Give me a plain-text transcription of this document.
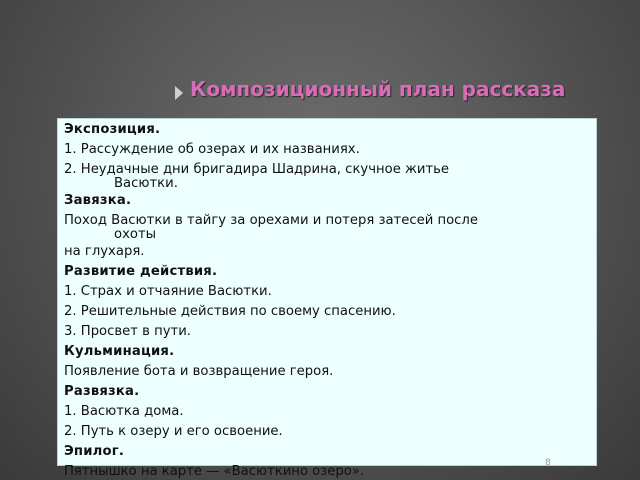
Композиционный план рассказа
Экспозиция.
1. Рассуждение об озерах и их названиях.
2. Неудачные дни бригадира Шадрина, скучное житье
Васютки.
Завязка.
Поход Васютки в тайгу за орехами и потеря затесей после
охоты
на глухаря.
Развитие действия.
1. Страх и отчаяние Васютки.
2. Решительные действия по своему спасению.
3. Просвет в пути.
Кульминация.
Появление бота и возвращение героя.
Развязка.
1. Васютка дома.
2. Путь к озеру и его освоение.
Эпилог.
Пятнышко на карте — «Васюткино озеро».
8
